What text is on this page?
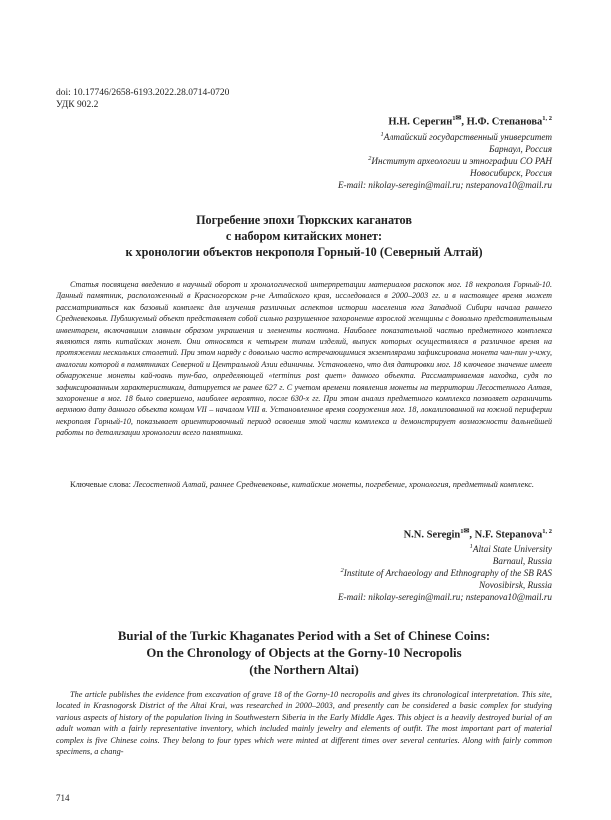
doi: 10.17746/2658-6193.2022.28.0714-0720
УДК 902.2
Н.Н. Серегин$^{1✉}$, Н.Ф. Степанова$^{1, 2}$
$^1$Алтайский государственный университет
Барнаул, Россия
$^2$Институт археологии и этнографии СО РАН
Новосибирск, Россия
E-mail: nikolay-seregin@mail.ru; nstepanova10@mail.ru
Погребение эпохи Тюркских каганатов
с набором китайских монет:
к хронологии объектов некрополя Горный-10 (Северный Алтай)

Статья посвящена введению в научный оборот и хронологической интерпретации материалов раскопок мог. 18 некрополя Горный-10. Данный памятник, расположенный в Красногорском р-не Алтайского края, исследовался в 2000–2003 гг. и в настоящее время может рассматриваться как базовый комплекс для изучения различных аспектов истории населения юга Западной Сибири начала раннего Средневековья. Публикуемый объект представляет собой сильно разрушенное захоронение взрослой женщины с довольно представительным инвентарем, включавшим главным образом украшения и элементы костюма. Наиболее показательной частью предметного комплекса являются пять китайских монет. Они относятся к четырем типам изделий, выпуск которых осуществлялся в различное время на протяжении нескольких столетий. При этом наряду с довольно часто встречающимися экземплярами зафиксирована монета чан-пин у-чжу, аналогии которой в памятниках Северной и Центральной Азии единичны. Установлено, что для датировки мог. 18 ключевое значение имеет обнаружение монеты кай-юань тун-бао, определяющей «terminus post quem» данного объекта. Рассматриваемая находка, судя по зафиксированным характеристикам, датируется не ранее 627 г. С учетом времени появления монеты на территории Лесостепного Алтая, захоронение в мог. 18 было совершено, наиболее вероятно, после 630-х гг. При этом анализ предметного комплекса позволяет ограничить верхнюю дату данного объекта концом VII – началом VIII в. Установленное время сооружения мог. 18, локализованной на южной периферии некрополя Горный-10, показывает ориентировочный период освоения этой части комплекса и демонстрирует возможности дальнейшей работы по детализации хронологии всего памятника.

Ключевые слова: Лесостепной Алтай, раннее Средневековье, китайские монеты, погребение, хронология, предметный комплекс.
N.N. Seregin$^{1✉}$, N.F. Stepanova$^{1, 2}$
$^1$Altai State University
Barnaul, Russia
$^2$Institute of Archaeology and Ethnography of the SB RAS
Novosibirsk, Russia
E-mail: nikolay-seregin@mail.ru; nstepanova10@mail.ru
Burial of the Turkic Khaganates Period with a Set of Chinese Coins:
On the Chronology of Objects at the Gorny-10 Necropolis
(the Northern Altai)

The article publishes the evidence from excavation of grave 18 of the Gorny-10 necropolis and gives its chronological interpretation. This site, located in Krasnogorsk District of the Altai Krai, was researched in 2000–2003, and presently can be considered a basic complex for studying various aspects of history of the population living in Southwestern Siberia in the Early Middle Ages. This object is a heavily destroyed burial of an adult woman with a fairly representative inventory, which included mainly jewelry and elements of outfit. The most important part of material complex is five Chinese coins. They belong to four types which were minted at different times over several centuries. Along with fairly common specimens, a chang-

714
